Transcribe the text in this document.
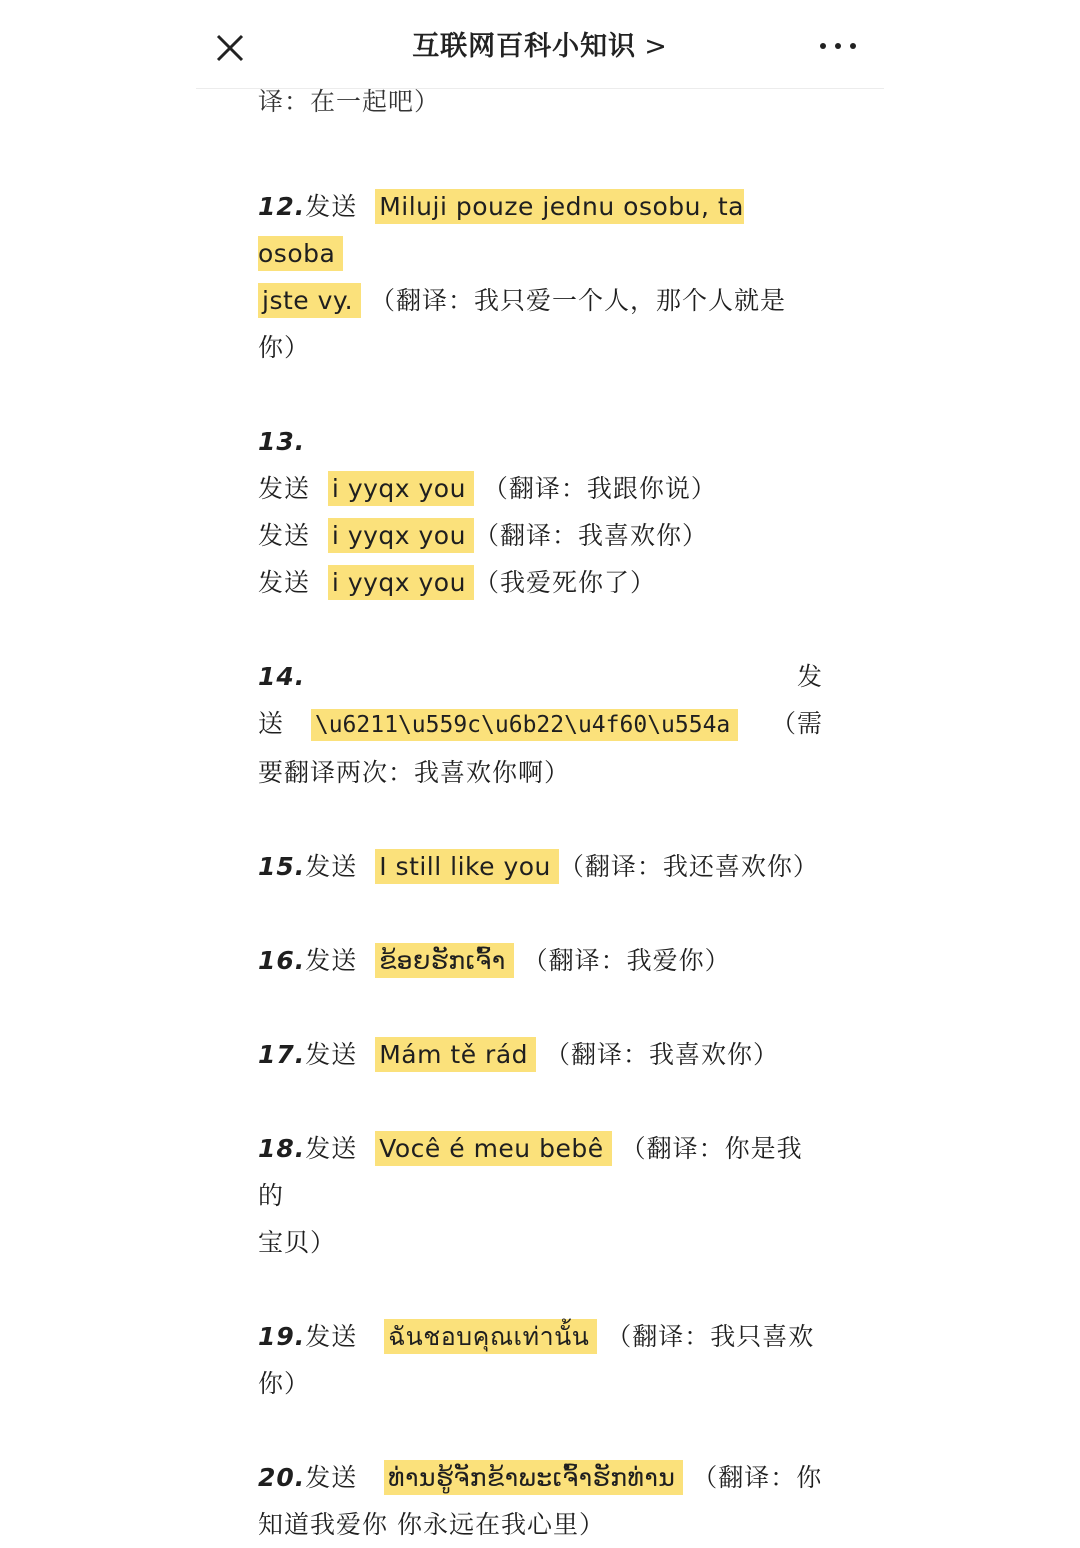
互联网百科小知识 >
译：在一起吧）

12.发送 Miluji pouze jednu osobu, ta osoba

jste vy. （翻译：我只爱一个人，那个人就是

你）

13.

发送 i yyqx you （翻译：我跟你说）

发送 i yyqx you （翻译：我喜欢你）

发送 i yyqx you （我爱死你了）

14.	发

送 \u6211\u559c\u6b22\u4f60\u554a	（需

要翻译两次：我喜欢你啊）

15.发送 I still like you （翻译：我还喜欢你）

16.发送 ຂ້ອຍຮັກເຈົ້າ （翻译：我爱你）

17.发送 Mám tě rád （翻译：我喜欢你）

18.发送 Você é meu bebê （翻译：你是我的

宝贝）

19.发送 ฉันชอบคุณเท่านั้น （翻译：我只喜欢

你）

20.发送 ທ່ານຮູ້ຈັກຂ້າພະເຈົ້າຮັກທ່ານ （翻译：你

知道我爱你 你永远在我心里）
